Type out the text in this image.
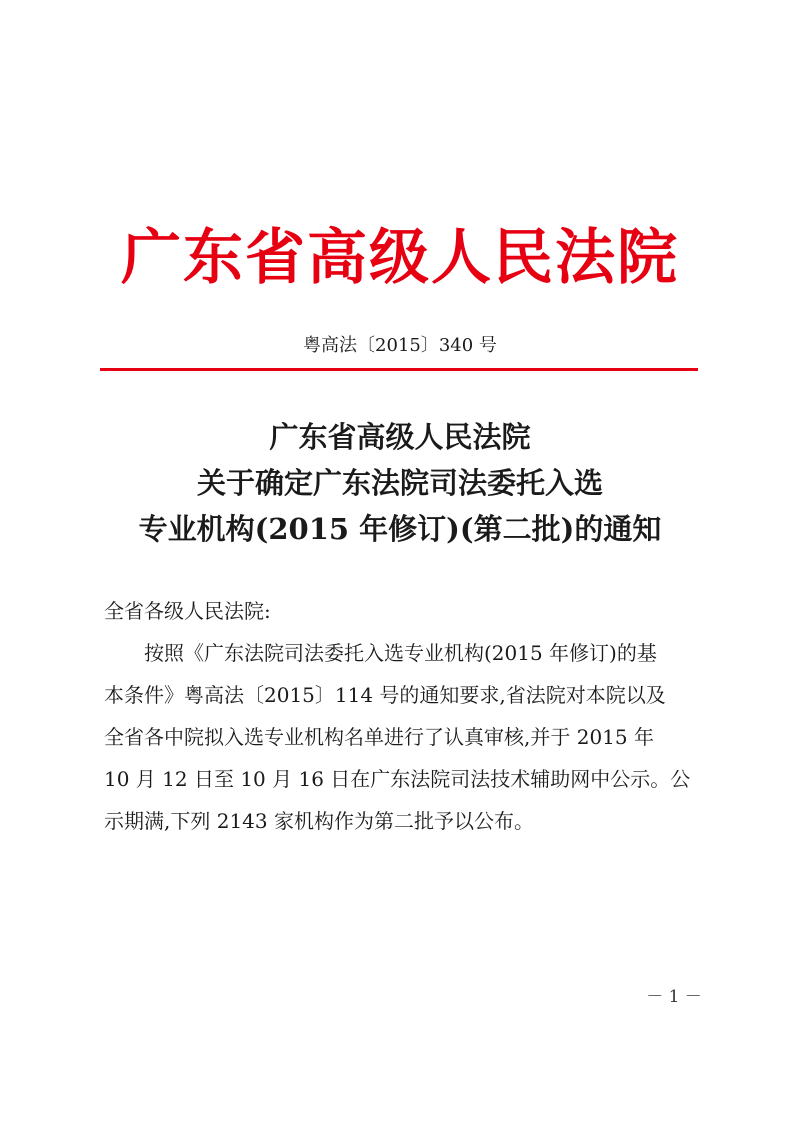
广东省高级人民法院
粤高法〔2015〕340 号
广东省高级人民法院
关于确定广东法院司法委托入选
专业机构(2015 年修订)(第二批)的通知
全省各级人民法院:
按照《广东法院司法委托入选专业机构(2015 年修订)的基
本条件》粤高法〔2015〕114 号的通知要求,省法院对本院以及
全省各中院拟入选专业机构名单进行了认真审核,并于 2015 年
10 月 12 日至 10 月 16 日在广东法院司法技术辅助网中公示。公
示期满,下列 2143 家机构作为第二批予以公布。
－ 1 －
